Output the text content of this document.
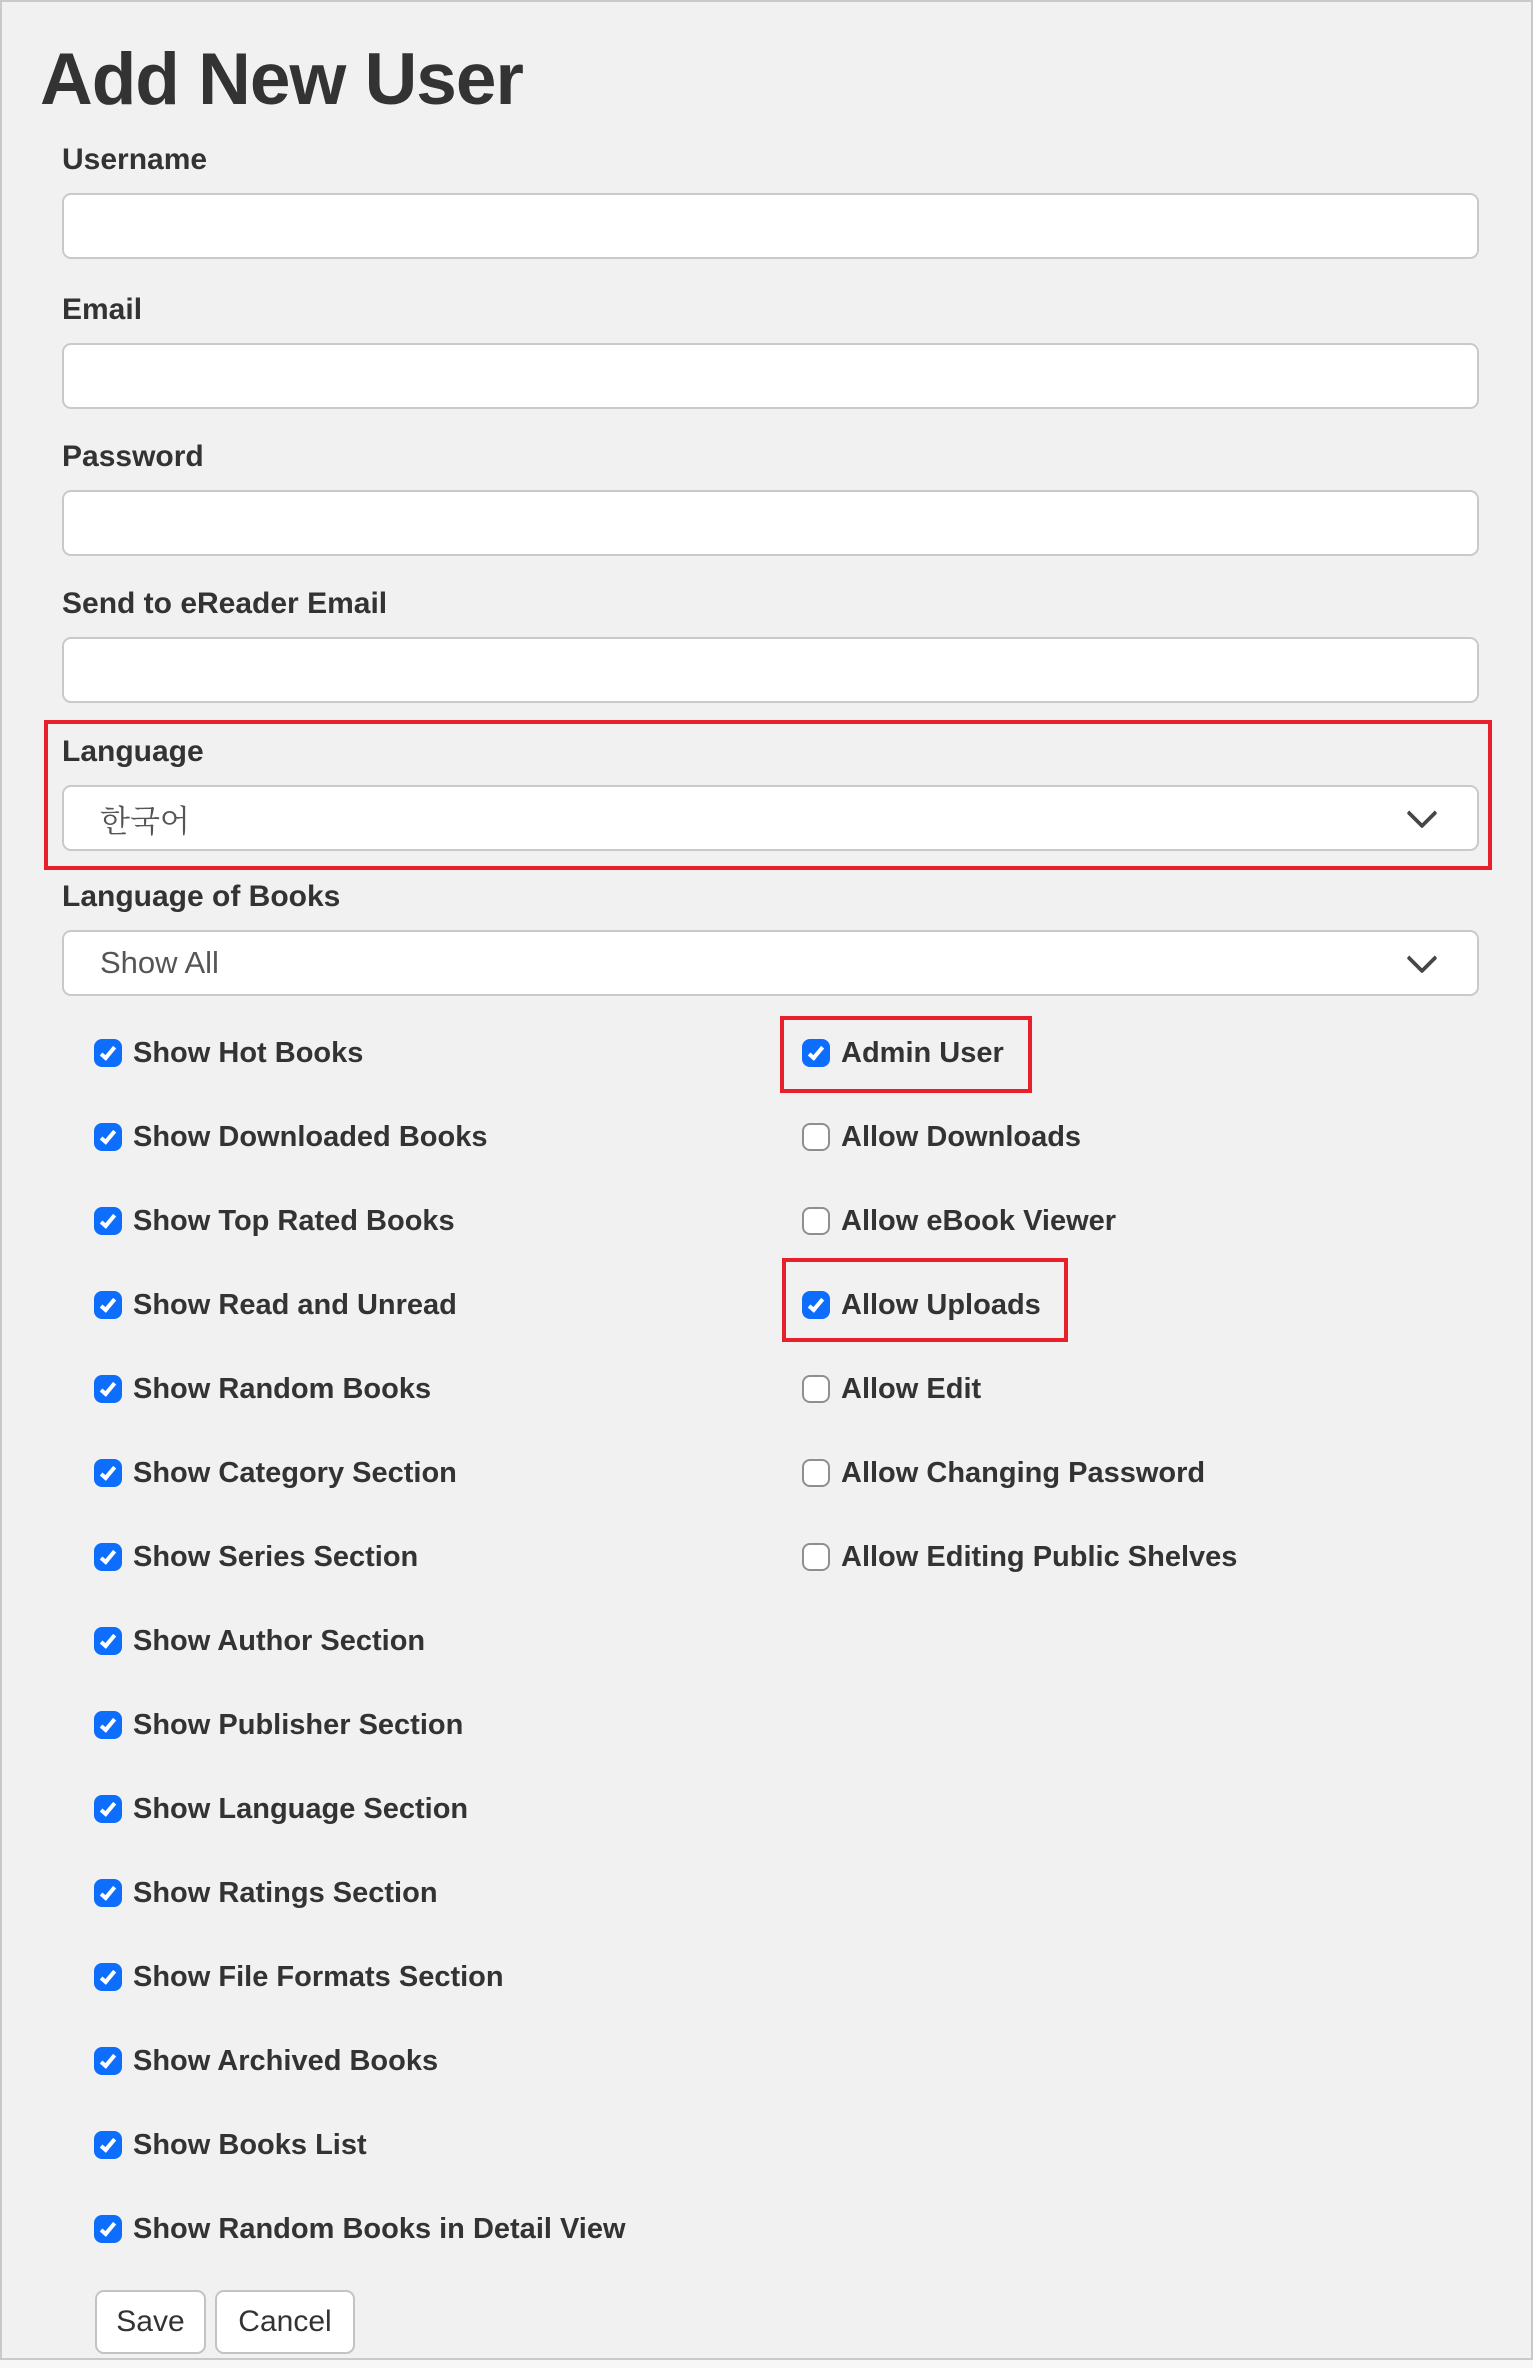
Add New User
Username
Email
Password
Send to eReader Email
Language
한국어
Language of Books
Show All
Show Hot Books
Show Downloaded Books
Show Top Rated Books
Show Read and Unread
Show Random Books
Show Category Section
Show Series Section
Show Author Section
Show Publisher Section
Show Language Section
Show Ratings Section
Show File Formats Section
Show Archived Books
Show Books List
Show Random Books in Detail View
Admin User
Allow Downloads
Allow eBook Viewer
Allow Uploads
Allow Edit
Allow Changing Password
Allow Editing Public Shelves
Save	Cancel
